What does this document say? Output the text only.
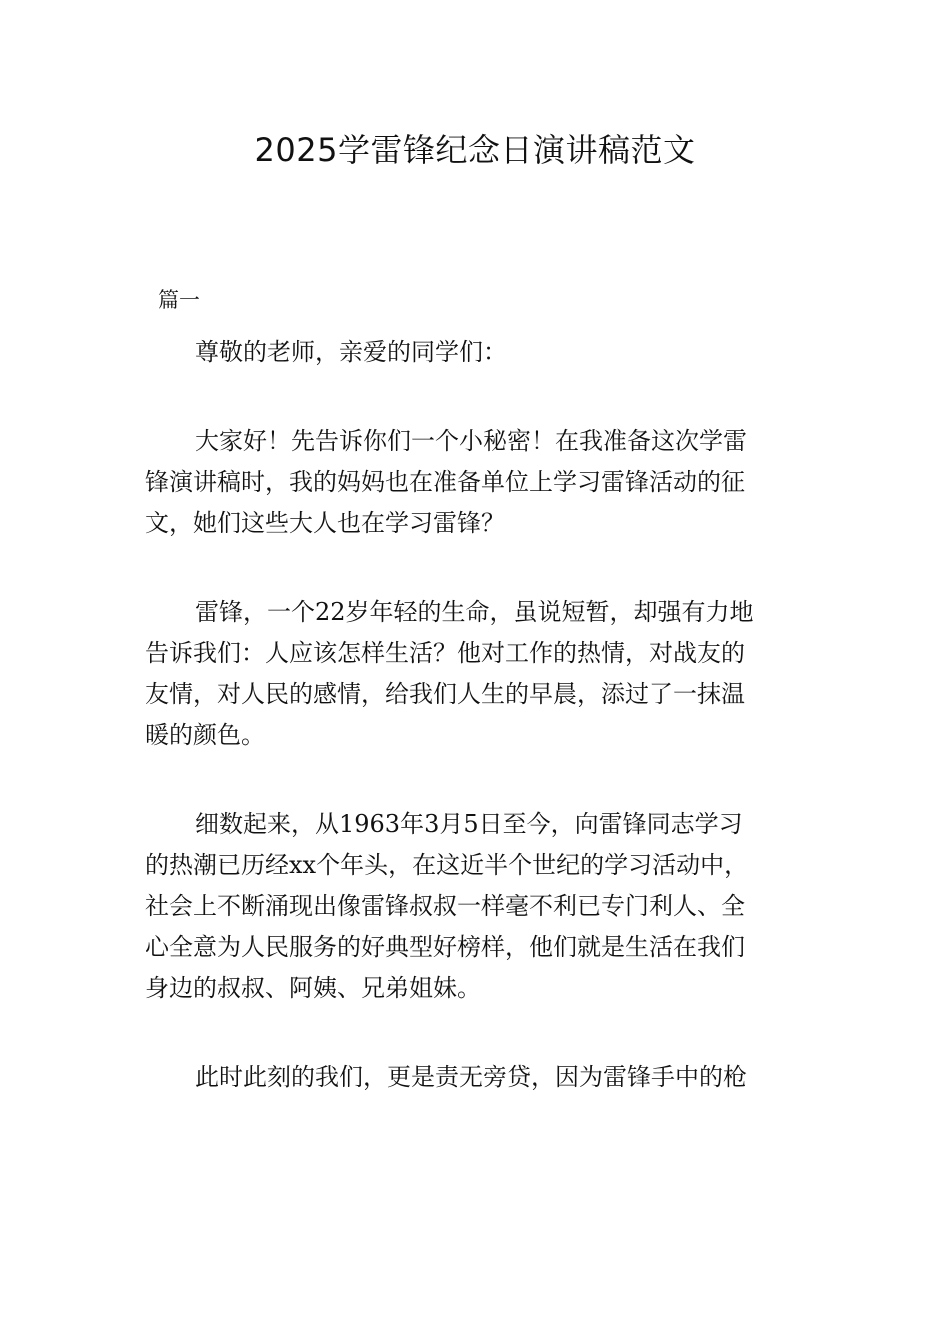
2025学雷锋纪念日演讲稿范文
篇一

尊敬的老师，亲爱的同学们：

大家好！先告诉你们一个小秘密！在我准备这次学雷
锋演讲稿时，我的妈妈也在准备单位上学习雷锋活动的征
文，她们这些大人也在学习雷锋？

雷锋，一个22岁年轻的生命，虽说短暂，却强有力地
告诉我们：人应该怎样生活？他对工作的热情，对战友的
友情，对人民的感情，给我们人生的早晨，添过了一抹温
暖的颜色。

细数起来，从1963年3月5日至今，向雷锋同志学习
的热潮已历经xx个年头，在这近半个世纪的学习活动中，
社会上不断涌现出像雷锋叔叔一样毫不利已专门利人、全
心全意为人民服务的好典型好榜样，他们就是生活在我们
身边的叔叔、阿姨、兄弟姐妹。

此时此刻的我们，更是责无旁贷，因为雷锋手中的枪
